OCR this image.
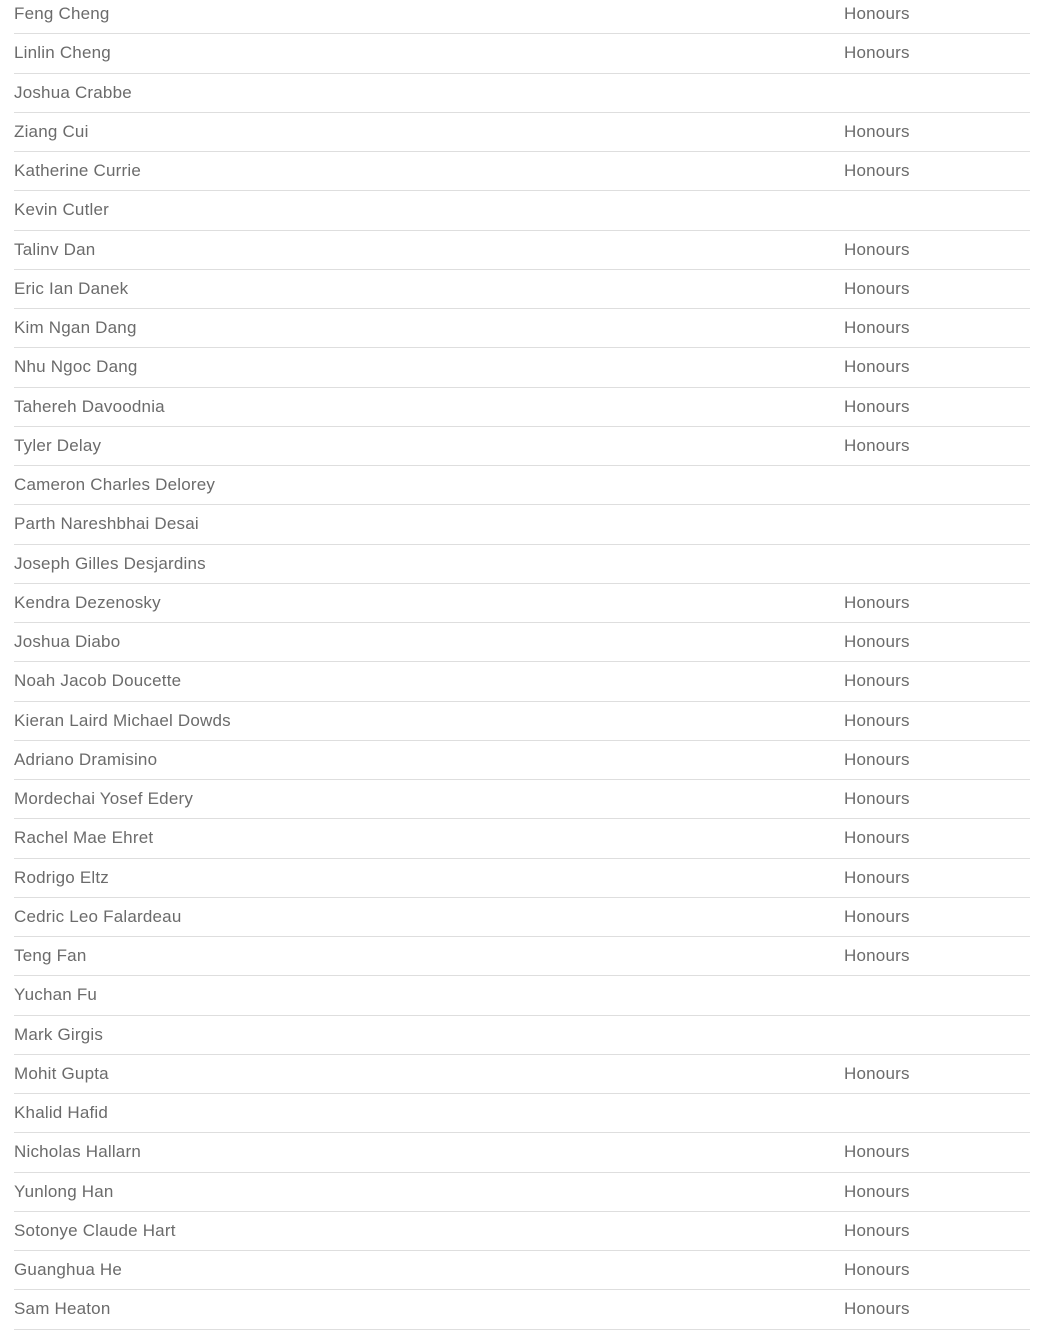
Feng Cheng	Honours
Linlin Cheng	Honours
Joshua Crabbe
Ziang Cui	Honours
Katherine Currie	Honours
Kevin Cutler
Talinv Dan	Honours
Eric Ian Danek	Honours
Kim Ngan Dang	Honours
Nhu Ngoc Dang	Honours
Tahereh Davoodnia	Honours
Tyler Delay	Honours
Cameron Charles Delorey
Parth Nareshbhai Desai
Joseph Gilles Desjardins
Kendra Dezenosky	Honours
Joshua Diabo	Honours
Noah Jacob Doucette	Honours
Kieran Laird Michael Dowds	Honours
Adriano Dramisino	Honours
Mordechai Yosef Edery	Honours
Rachel Mae Ehret	Honours
Rodrigo Eltz	Honours
Cedric Leo Falardeau	Honours
Teng Fan	Honours
Yuchan Fu
Mark Girgis
Mohit Gupta	Honours
Khalid Hafid
Nicholas Hallarn	Honours
Yunlong Han	Honours
Sotonye Claude Hart	Honours
Guanghua He	Honours
Sam Heaton	Honours
